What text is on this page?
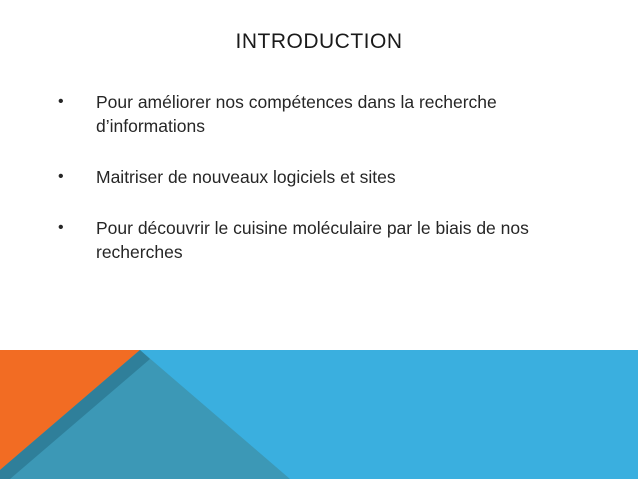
INTRODUCTION
•	Pour améliorer nos compétences dans la recherche d’informations
•	Maitriser de nouveaux logiciels et sites
•	Pour découvrir le cuisine moléculaire par le biais de nos recherches
